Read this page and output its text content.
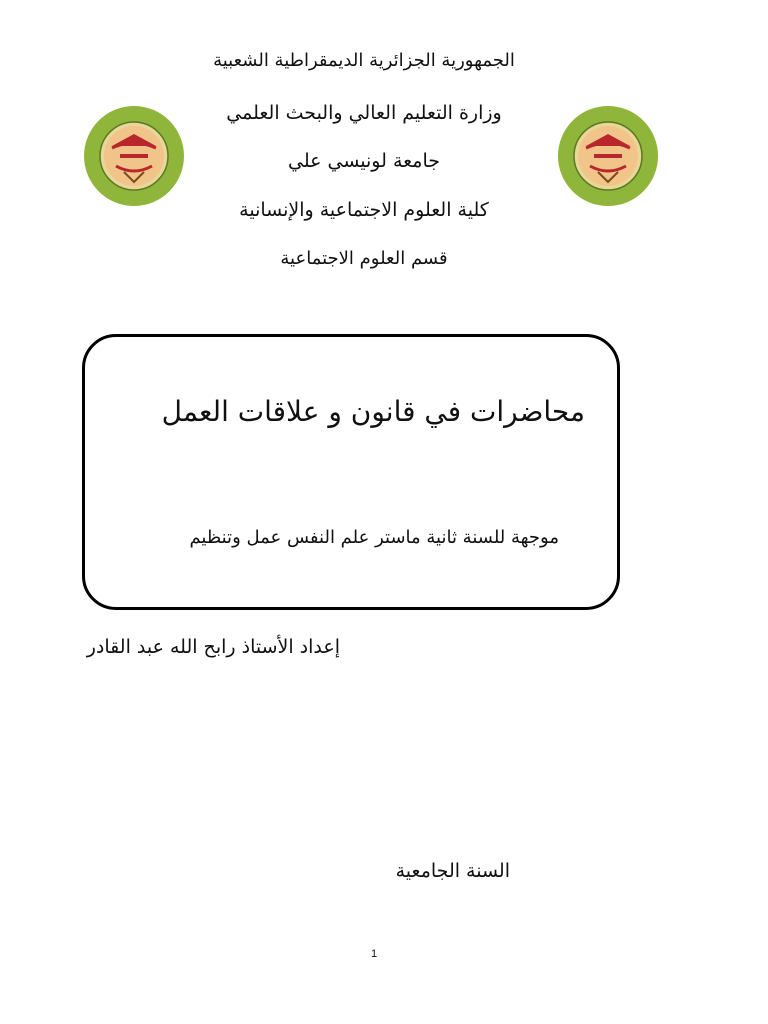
الجمهورية الجزائرية الديمقراطية الشعبية
وزارة التعليم العالي والبحث العلمي
جامعة لونيسي علي
كلية العلوم الاجتماعية والإنسانية
قسم العلوم الاجتماعية
محاضرات في قانون و علاقات العمل
موجهة للسنة ثانية ماستر علم النفس عمل وتنظيم
إعداد الأستاذ رابح الله عبد القادر
السنة الجامعية
1
